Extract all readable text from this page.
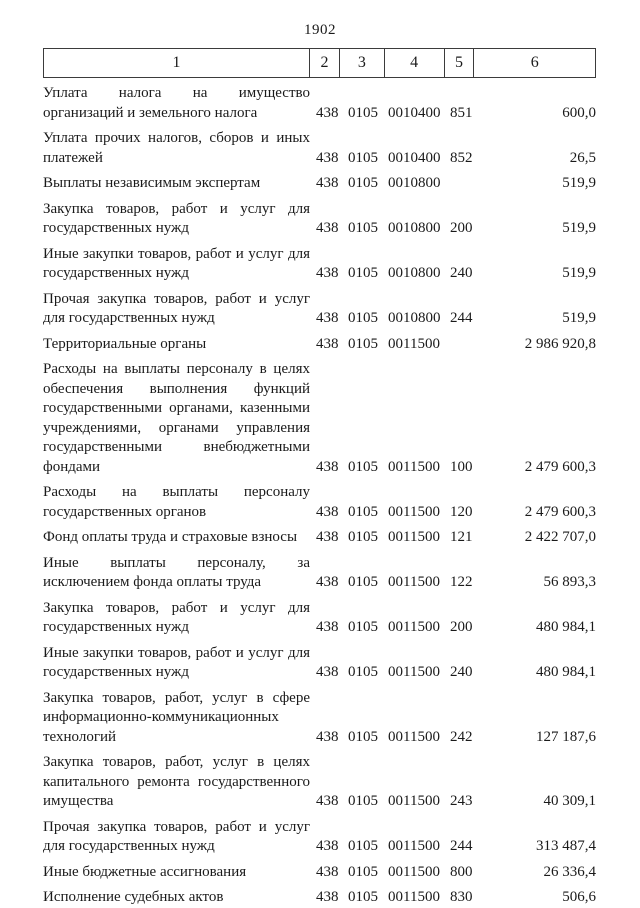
1902
1	2	3	4	5	6
Уплата налога на имущество организаций и земельного налога	438 0105 0010400 851	600,0
Уплата прочих налогов, сборов и иных платежей	438 0105 0010400 852	26,5
Выплаты независимым экспертам	438 0105 0010800	519,9
Закупка товаров, работ и услуг для государственных нужд	438 0105 0010800 200	519,9
Иные закупки товаров, работ и услуг для государственных нужд	438 0105 0010800 240	519,9
Прочая закупка товаров, работ и услуг для государственных нужд	438 0105 0010800 244	519,9
Территориальные органы	438 0105 0011500	2 986 920,8
Расходы на выплаты персоналу в целях обеспечения выполнения функций государственными органами, казенными учреждениями, органами управления государственными внебюджетными фондами	438 0105 0011500 100	2 479 600,3
Расходы на выплаты персоналу государственных органов	438 0105 0011500 120	2 479 600,3
Фонд оплаты труда и страховые взносы	438 0105 0011500 121	2 422 707,0
Иные выплаты персоналу, за исключением фонда оплаты труда	438 0105 0011500 122	56 893,3
Закупка товаров, работ и услуг для государственных нужд	438 0105 0011500 200	480 984,1
Иные закупки товаров, работ и услуг для государственных нужд	438 0105 0011500 240	480 984,1
Закупка товаров, работ, услуг в сфере информационно-коммуникационных технологий	438 0105 0011500 242	127 187,6
Закупка товаров, работ, услуг в целях капитального ремонта государственного имущества	438 0105 0011500 243	40 309,1
Прочая закупка товаров, работ и услуг для государственных нужд	438 0105 0011500 244	313 487,4
Иные бюджетные ассигнования	438 0105 0011500 800	26 336,4
Исполнение судебных актов	438 0105 0011500 830	506,6
